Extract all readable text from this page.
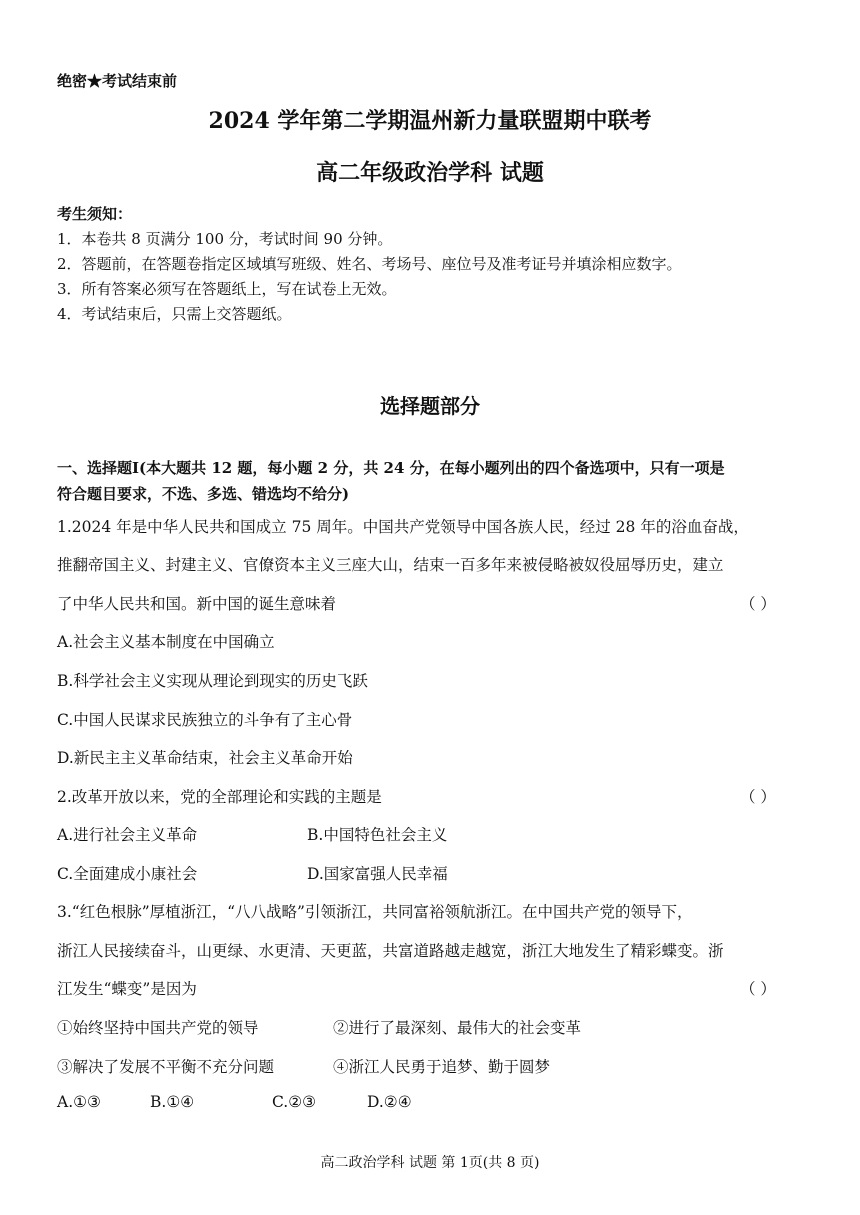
绝密★考试结束前
2024 学年第二学期温州新力量联盟期中联考
高二年级政治学科 试题
考生须知：
1．本卷共 8 页满分 100 分，考试时间 90 分钟。
2．答题前，在答题卷指定区域填写班级、姓名、考场号、座位号及准考证号并填涂相应数字。
3．所有答案必须写在答题纸上，写在试卷上无效。
4．考试结束后，只需上交答题纸。
选择题部分
一、选择题Ⅰ(本大题共 12 题，每小题 2 分，共 24 分，在每小题列出的四个备选项中，只有一项是
符合题目要求，不选、多选、错选均不给分)
1.2024 年是中华人民共和国成立 75 周年。中国共产党领导中国各族人民，经过 28 年的浴血奋战，
推翻帝国主义、封建主义、官僚资本主义三座大山，结束一百多年来被侵略被奴役屈辱历史，建立
了中华人民共和国。新中国的诞生意味着	（ ）
A.社会主义基本制度在中国确立
B.科学社会主义实现从理论到现实的历史飞跃
C.中国人民谋求民族独立的斗争有了主心骨
D.新民主主义革命结束，社会主义革命开始
2.改革开放以来，党的全部理论和实践的主题是	（ ）
A.进行社会主义革命	B.中国特色社会主义
C.全面建成小康社会	D.国家富强人民幸福
3.“红色根脉”厚植浙江，“八八战略”引领浙江，共同富裕领航浙江。在中国共产党的领导下，
浙江人民接续奋斗，山更绿、水更清、天更蓝，共富道路越走越宽，浙江大地发生了精彩蝶变。浙
江发生“蝶变”是因为	（ ）
①始终坚持中国共产党的领导	②进行了最深刻、最伟大的社会变革
③解决了发展不平衡不充分问题	④浙江人民勇于追梦、勤于圆梦
A.①③	B.①④	C.②③	D.②④
高二政治学科 试题 第 1页(共 8 页)
